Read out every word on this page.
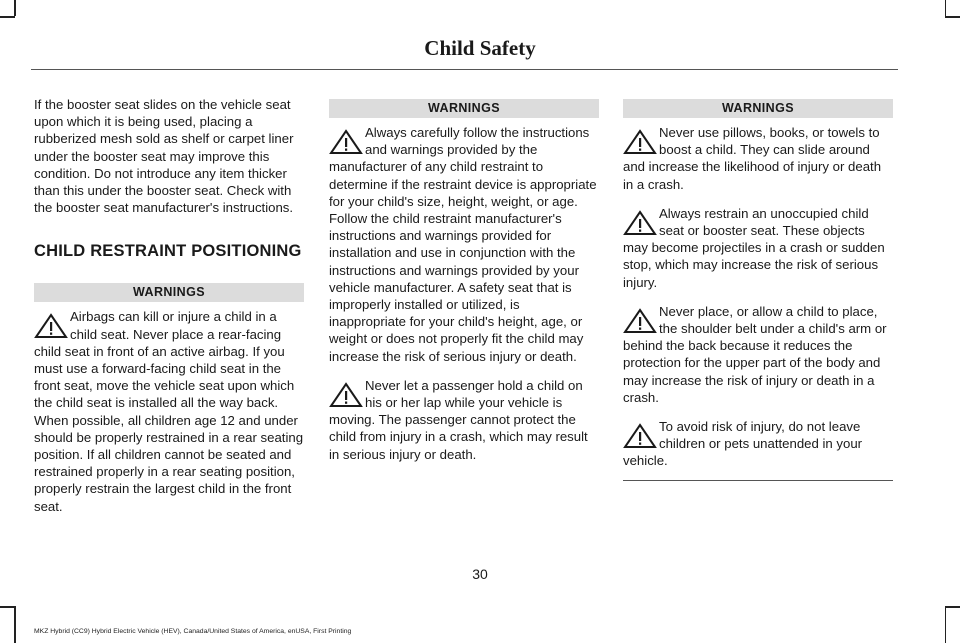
Child Safety

If the booster seat slides on the vehicle seat upon which it is being used, placing a rubberized mesh sold as shelf or carpet liner under the booster seat may improve this condition. Do not introduce any item thicker than this under the booster seat. Check with the booster seat manufacturer's instructions.

CHILD RESTRAINT POSITIONING
WARNINGS

Airbags can kill or injure a child in a child seat. Never place a rear-facing child seat in front of an active airbag. If you must use a forward-facing child seat in the front seat, move the vehicle seat upon which the child seat is installed all the way back. When possible, all children age 12 and under should be properly restrained in a rear seating position. If all children cannot be seated and restrained properly in a rear seating position, properly restrain the largest child in the front seat.

WARNINGS

Always carefully follow the instructions and warnings provided by the manufacturer of any child restraint to determine if the restraint device is appropriate for your child's size, height, weight, or age. Follow the child restraint manufacturer's instructions and warnings provided for installation and use in conjunction with the instructions and warnings provided by your vehicle manufacturer. A safety seat that is improperly installed or utilized, is inappropriate for your child's height, age, or weight or does not properly fit the child may increase the risk of serious injury or death.

Never let a passenger hold a child on his or her lap while your vehicle is moving. The passenger cannot protect the child from injury in a crash, which may result in serious injury or death.

WARNINGS

Never use pillows, books, or towels to boost a child. They can slide around and increase the likelihood of injury or death in a crash.

Always restrain an unoccupied child seat or booster seat. These objects may become projectiles in a crash or sudden stop, which may increase the risk of serious injury.

Never place, or allow a child to place, the shoulder belt under a child's arm or behind the back because it reduces the protection for the upper part of the body and may increase the risk of injury or death in a crash.

To avoid risk of injury, do not leave children or pets unattended in your vehicle.

30
MKZ Hybrid (CC9) Hybrid Electric Vehicle (HEV), Canada/United States of America, enUSA, First Printing
